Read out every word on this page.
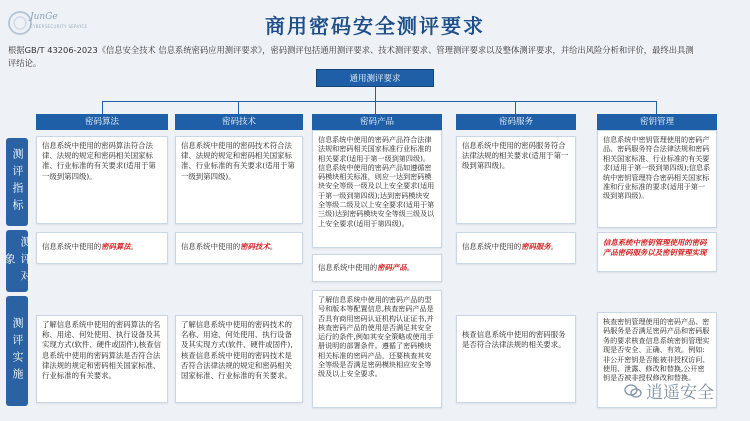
JunGe
CYBERSECURITY SERVICE	商用密码安全测评要求
根据GB/T 43206-2023《信息安全技术 信息系统密码应用测评要求》，密码测评包括通用测评要求、技术测评要求、管理测评要求以及整体测评要求，并给出风险分析和评价，最终出具测评结论。
通用测评要求
测评指标
测评对象
测评实施
密码算法
信息系统中使用的密码算法符合法律、法规的规定和密码相关国家标准、行业标准的有关要求(适用于第一级到第四级)。
信息系统中使用的密码算法。
了解信息系统中使用的密码算法的名称、用途、何处使用、执行设备及其实现方式(软件、硬件或固件),核查信息系统中使用的密码算法是否符合法律法规的规定和密码相关国家标准、行业标准的有关要求。
密码技术
信息系统中使用的密码技术符合法律、法规的规定和密码相关国家标准、行业标准的有关要求(适用于第一级到第四级)。
信息系统中使用的密码技术。
了解信息系统中使用的密码技术的名称、用途、何处使用、执行设备及其实现方式(软件、硬件或固件),核查信息系统中使用的密码技术是否符合法律法规的规定和密码相关国家标准、行业标准的有关要求。
密码产品
信息系统中使用的密码产品符合法律法规和密码相关国家标准行业标准的相关要求(适用于第一级到第四级)。信息系统中使用的密码产品如遵循密码模块相关标准，则应一达到密码模块安全等级一级及以上安全要求(适用于第一级到第四级);达到密码模块安全等级二级及以上安全要求(适用于第三级)达到密码模块安全等级三级及以上安全要求(适用于第四级)。
信息系统中使用的密码产品。
了解信息系统中使用的密码产品的型号和版本等配置信息,核查密码产品是否具有商用密码认证机构认证证书,并核查密码产品的使用是否满足其安全运行的条件,例如其安全策略或使用手册说明的部署条件。遵循了密码模块相关标准的密码产品，还要核查其安全等级是否满足密码模块相应安全等级及以上安全要求。
密码服务
信息系统中使用的密码服务符合法律法规的相关要求(适用于第一级到第四级)。
信息系统中使用的密码服务。
核查信息系统中使用的密码服务是否符合法律法规的相关要求。
密钥管理
信息系统中密钥管理使用的密码产品、密码服务符合法律法规和密码相关国家标准、行业标准的有关要求(适用于第一级到第四级);信息系统中密钥管理符合密码相关国家标准和行业标准的要求(适用于第一级到第四级)。
信息系统中密钥管理使用的密码产品密码服务以及密钥管理实现
核查密钥管理使用的密码产品、密码服务是否满足密码产品和密码服务的要求核查信息系统密钥管理实现是否安全、正确、有效。例如:非公开密钥是否能被非授权访问、使用、泄露、修改和替换,公开密钥是否被非授权修改和替换。
逍遥安全
